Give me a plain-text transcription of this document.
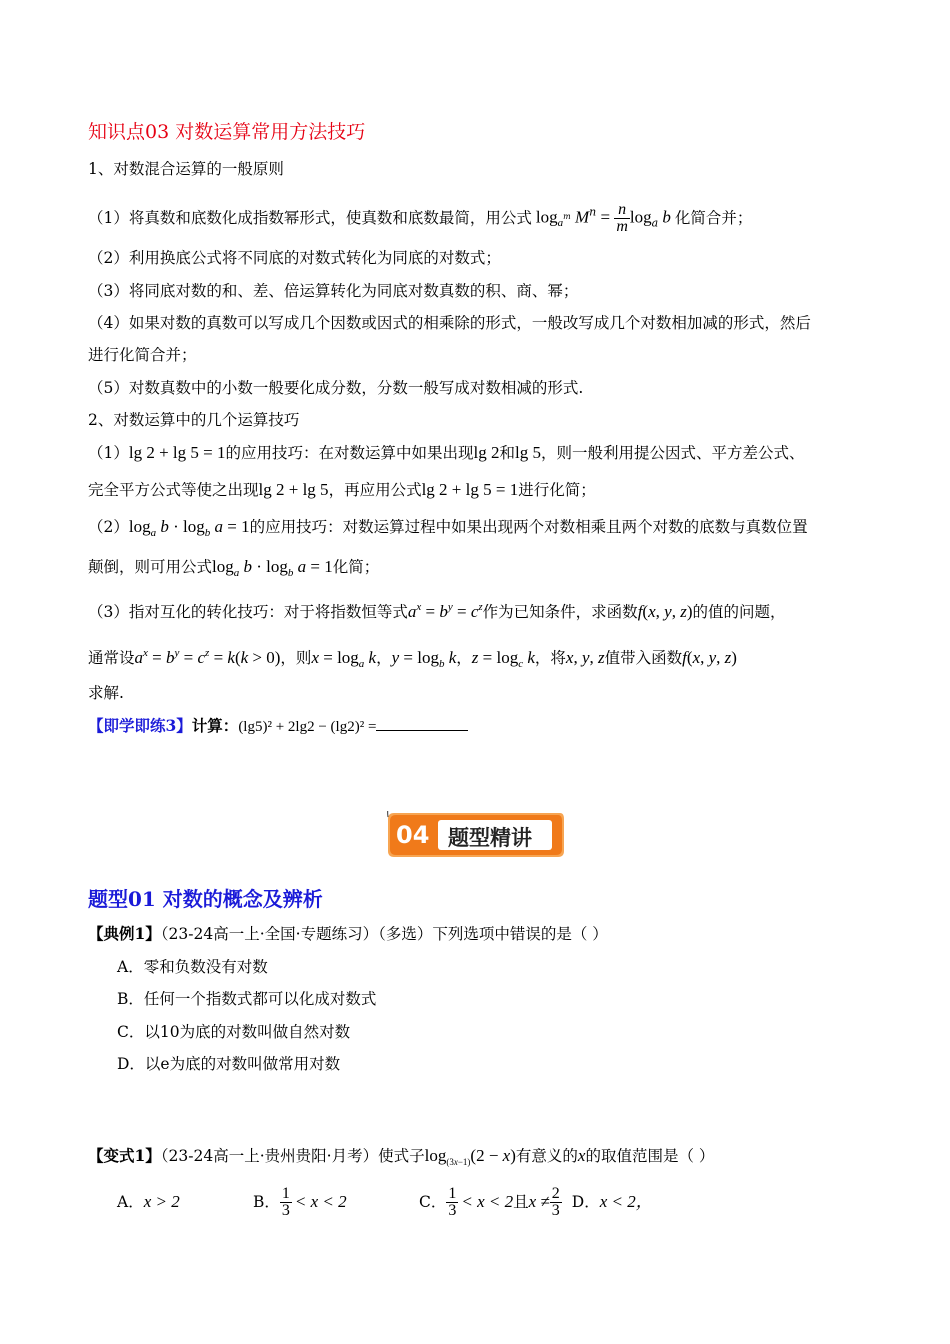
知识点03 对数运算常用方法技巧
1、对数混合运算的一般原则
（1）将真数和底数化成指数幂形式，使真数和底数最简，用公式 $\log_{a^m} M^n = \frac{n}{m} \log_a b$ 化简合并；
（2）利用换底公式将不同底的对数式转化为同底的对数式；
（3）将同底对数的和、差、倍运算转化为同底对数真数的积、商、幂；
（4）如果对数的真数可以写成几个因数或因式的相乘除的形式，一般改写成几个对数相加减的形式，然后
进行化简合并；
（5）对数真数中的小数一般要化成分数，分数一般写成对数相减的形式.
2、对数运算中的几个运算技巧
（1）lg 2 + lg 5 = 1的应用技巧：在对数运算中如果出现lg 2和lg 5，则一般利用提公因式、平方差公式、
完全平方公式等使之出现lg 2 + lg 5，再应用公式lg 2 + lg 5 = 1进行化简；
$(2)\log_a$ $b \cdot \log_b a = 1$的应用技巧：对数运算过程中如果出现两个对数相乘且两个对数的底数与真数位置
颠倒，则可用公式$\log_a b \cdot \log_b a = 1$化简；
（3）指对互化的转化技巧：对于将指数恒等式$a^x = b^y = c^z$作为已知条件，求函数f(x, y, z)的值的问题，
通常设$a^x = b^y = c^z = k(k > 0)$，则$x = \log_a k$，$y = \log_b k$，$z = \log_c k$，将x, y, z值带入函数f(x, y, z)
求解.
【即学即练3】计算：(lg5)² + 2lg2 − (lg2)² =
04 题型精讲
题型01 对数的概念及辨析
【典例1】（23-24高一上·全国·专题练习）（多选）下列选项中错误的是（ ）
A．零和负数没有对数
B．任何一个指数式都可以化成对数式
C．以10为底的对数叫做自然对数
D．以e为底的对数叫做常用对数
【变式1】（23-24高一上·贵州贵阳·月考）使式子$\log_{(3x-1)}(2 - x)$有意义的x的取值范围是（ ）
A．x > 2	B． $\frac{1}{3} < x < 2$	C． $\frac{1}{3} < x < 2$ 且 $x \ne \frac{2}{3}$ D．x < 2，
